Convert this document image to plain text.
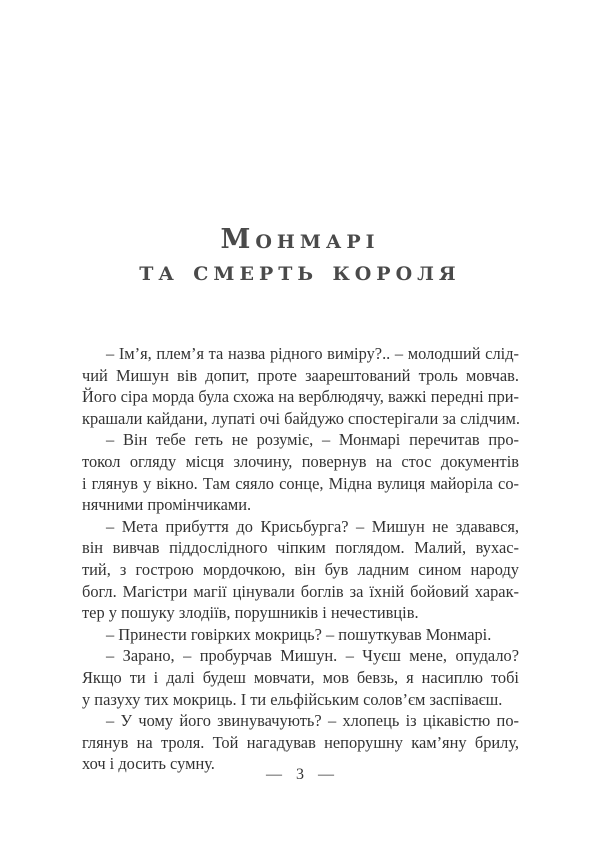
Монмарі
та смерть короля
– Ім’я, плем’я та назва рідного виміру?.. – молодший слід-
чий Мишун вів допит, проте заарештований троль мовчав.
Його сіра морда була схожа на верблюдячу, важкі передні при-
крашали кайдани, лупаті очі байдужо спостерігали за слідчим.
– Він тебе геть не розуміє, – Монмарі перечитав про-
токол огляду місця злочину, повернув на стос документів
і глянув у вікно. Там сяяло сонце, Мідна вулиця майоріла со-
нячними промінчиками.
– Мета прибуття до Крисьбурга? – Мишун не здавався,
він вивчав піддослідного чіпким поглядом. Малий, вухас-
тий, з гострою мордочкою, він був ладним сином народу
богл. Магістри магії цінували боглів за їхній бойовий харак-
тер у пошуку злодіїв, порушників і нечестивців.
– Принести говірких мокриць? – пошуткував Монмарі.
– Зарано, – пробурчав Мишун. – Чуєш мене, опудало?
Якщо ти і далі будеш мовчати, мов бевзь, я насиплю тобі
у пазуху тих мокриць. І ти ельфійським солов’єм заспіваєш.
– У чому його звинувачують? – хлопець із цікавістю по-
глянув на троля. Той нагадував непорушну кам’яну брилу,
хоч і досить сумну.
— 3 —
